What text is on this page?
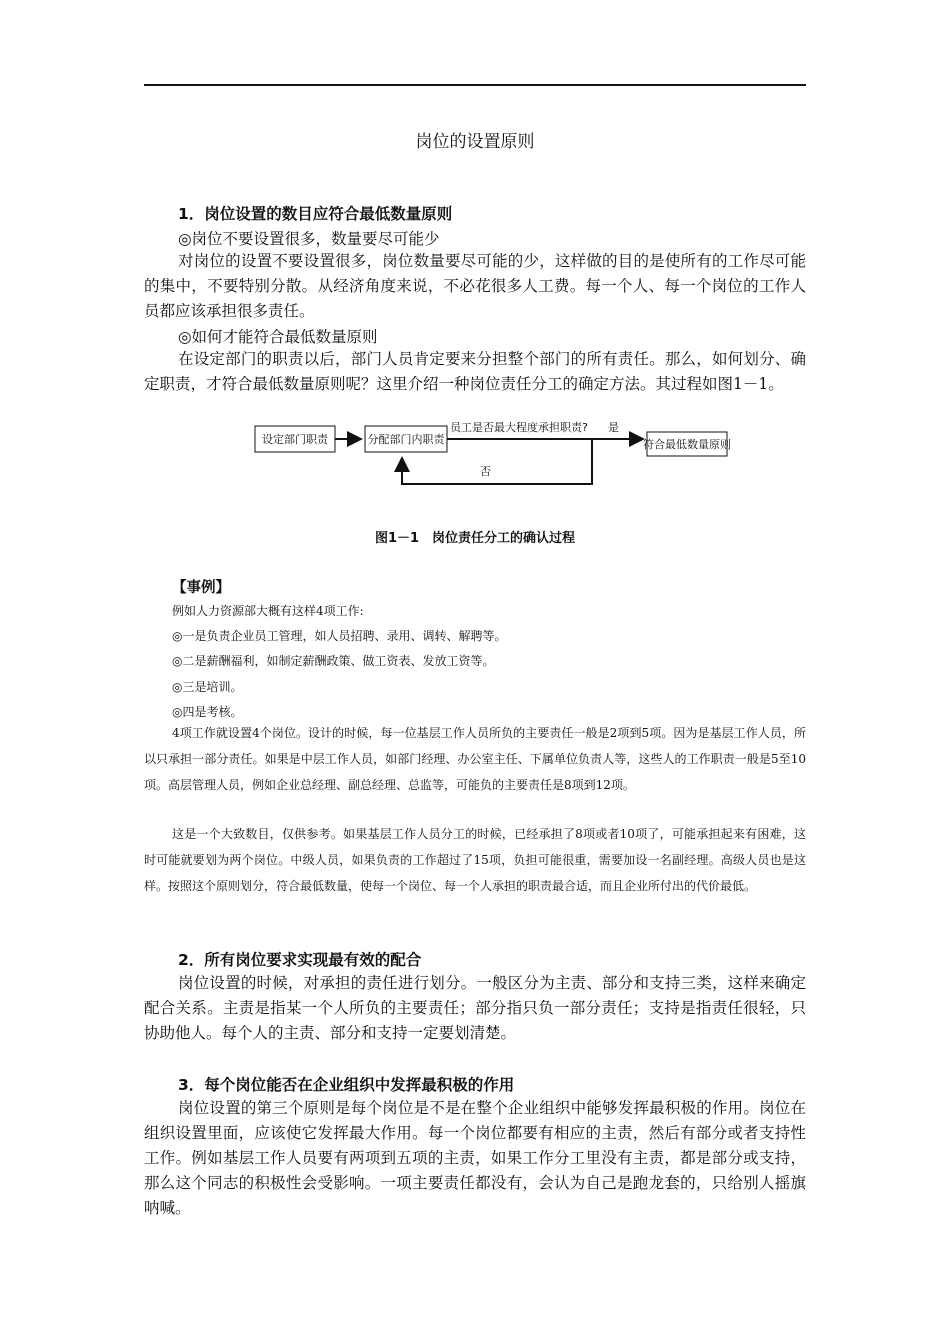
岗位的设置原则
1．岗位设置的数目应符合最低数量原则
◎岗位不要设置很多，数量要尽可能少

对岗位的设置不要设置很多，岗位数量要尽可能的少，这样做的目的是使所有的工作尽可能的集中，不要特别分散。从经济角度来说，不必花很多人工费。每一个人、每一个岗位的工作人员都应该承担很多责任。

◎如何才能符合最低数量原则

在设定部门的职责以后，部门人员肯定要来分担整个部门的所有责任。那么，如何划分、确定职责，才符合最低数量原则呢？这里介绍一种岗位责任分工的确定方法。其过程如图1－1。

设定部门职责	分配部门内职责
员工是否最大程度承担职责? 是
符合最低数量原则
否
图1－1　岗位责任分工的确认过程
【事例】
例如人力资源部大概有这样4项工作:
◎一是负责企业员工管理，如人员招聘、录用、调转、解聘等。
◎二是薪酬福利，如制定薪酬政策、做工资表、发放工资等。
◎三是培训。
◎四是考核。

4项工作就设置4个岗位。设计的时候，每一位基层工作人员所负的主要责任一般是2项到5项。因为是基层工作人员，所以只承担一部分责任。如果是中层工作人员，如部门经理、办公室主任、下属单位负责人等，这些人的工作职责一般是5至10项。高层管理人员，例如企业总经理、副总经理、总监等，可能负的主要责任是8项到12项。

这是一个大致数目，仅供参考。如果基层工作人员分工的时候，已经承担了8项或者10项了，可能承担起来有困难，这时可能就要划为两个岗位。中级人员，如果负责的工作超过了15项，负担可能很重，需要加设一名副经理。高级人员也是这样。按照这个原则划分，符合最低数量，使每一个岗位、每一个人承担的职责最合适，而且企业所付出的代价最低。

2．所有岗位要求实现最有效的配合

岗位设置的时候，对承担的责任进行划分。一般区分为主责、部分和支持三类，这样来确定配合关系。主责是指某一个人所负的主要责任；部分指只负一部分责任；支持是指责任很轻，只协助他人。每个人的主责、部分和支持一定要划清楚。

3．每个岗位能否在企业组织中发挥最积极的作用

岗位设置的第三个原则是每个岗位是不是在整个企业组织中能够发挥最积极的作用。岗位在组织设置里面，应该使它发挥最大作用。每一个岗位都要有相应的主责，然后有部分或者支持性工作。例如基层工作人员要有两项到五项的主责，如果工作分工里没有主责，都是部分或支持，那么这个同志的积极性会受影响。一项主要责任都没有，会认为自己是跑龙套的，只给别人摇旗呐喊。
